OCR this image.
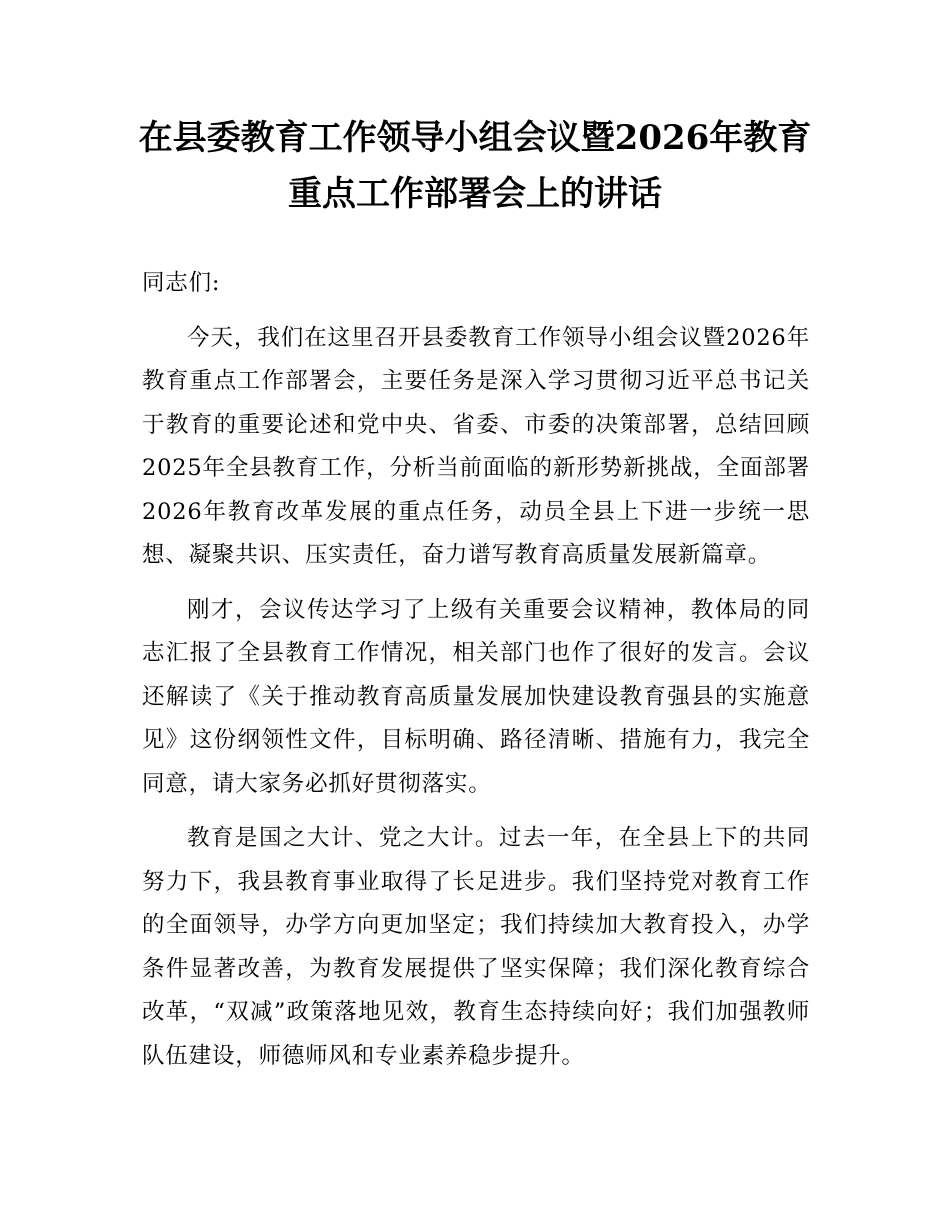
在县委教育工作领导小组会议暨2026年教育
重点工作部署会上的讲话

同志们:

今天，我们在这里召开县委教育工作领导小组会议暨2026年教育重点工作部署会，主要任务是深入学习贯彻习近平总书记关于教育的重要论述和党中央、省委、市委的决策部署，总结回顾2025年全县教育工作，分析当前面临的新形势新挑战，全面部署2026年教育改革发展的重点任务，动员全县上下进一步统一思想、凝聚共识、压实责任，奋力谱写教育高质量发展新篇章。

刚才，会议传达学习了上级有关重要会议精神，教体局的同志汇报了全县教育工作情况，相关部门也作了很好的发言。会议还解读了《关于推动教育高质量发展加快建设教育强县的实施意见》这份纲领性文件，目标明确、路径清晰、措施有力，我完全同意，请大家务必抓好贯彻落实。

教育是国之大计、党之大计。过去一年，在全县上下的共同努力下，我县教育事业取得了长足进步。我们坚持党对教育工作的全面领导，办学方向更加坚定；我们持续加大教育投入，办学条件显著改善，为教育发展提供了坚实保障；我们深化教育综合改革，“双减”政策落地见效，教育生态持续向好；我们加强教师队伍建设，师德师风和专业素养稳步提升。
